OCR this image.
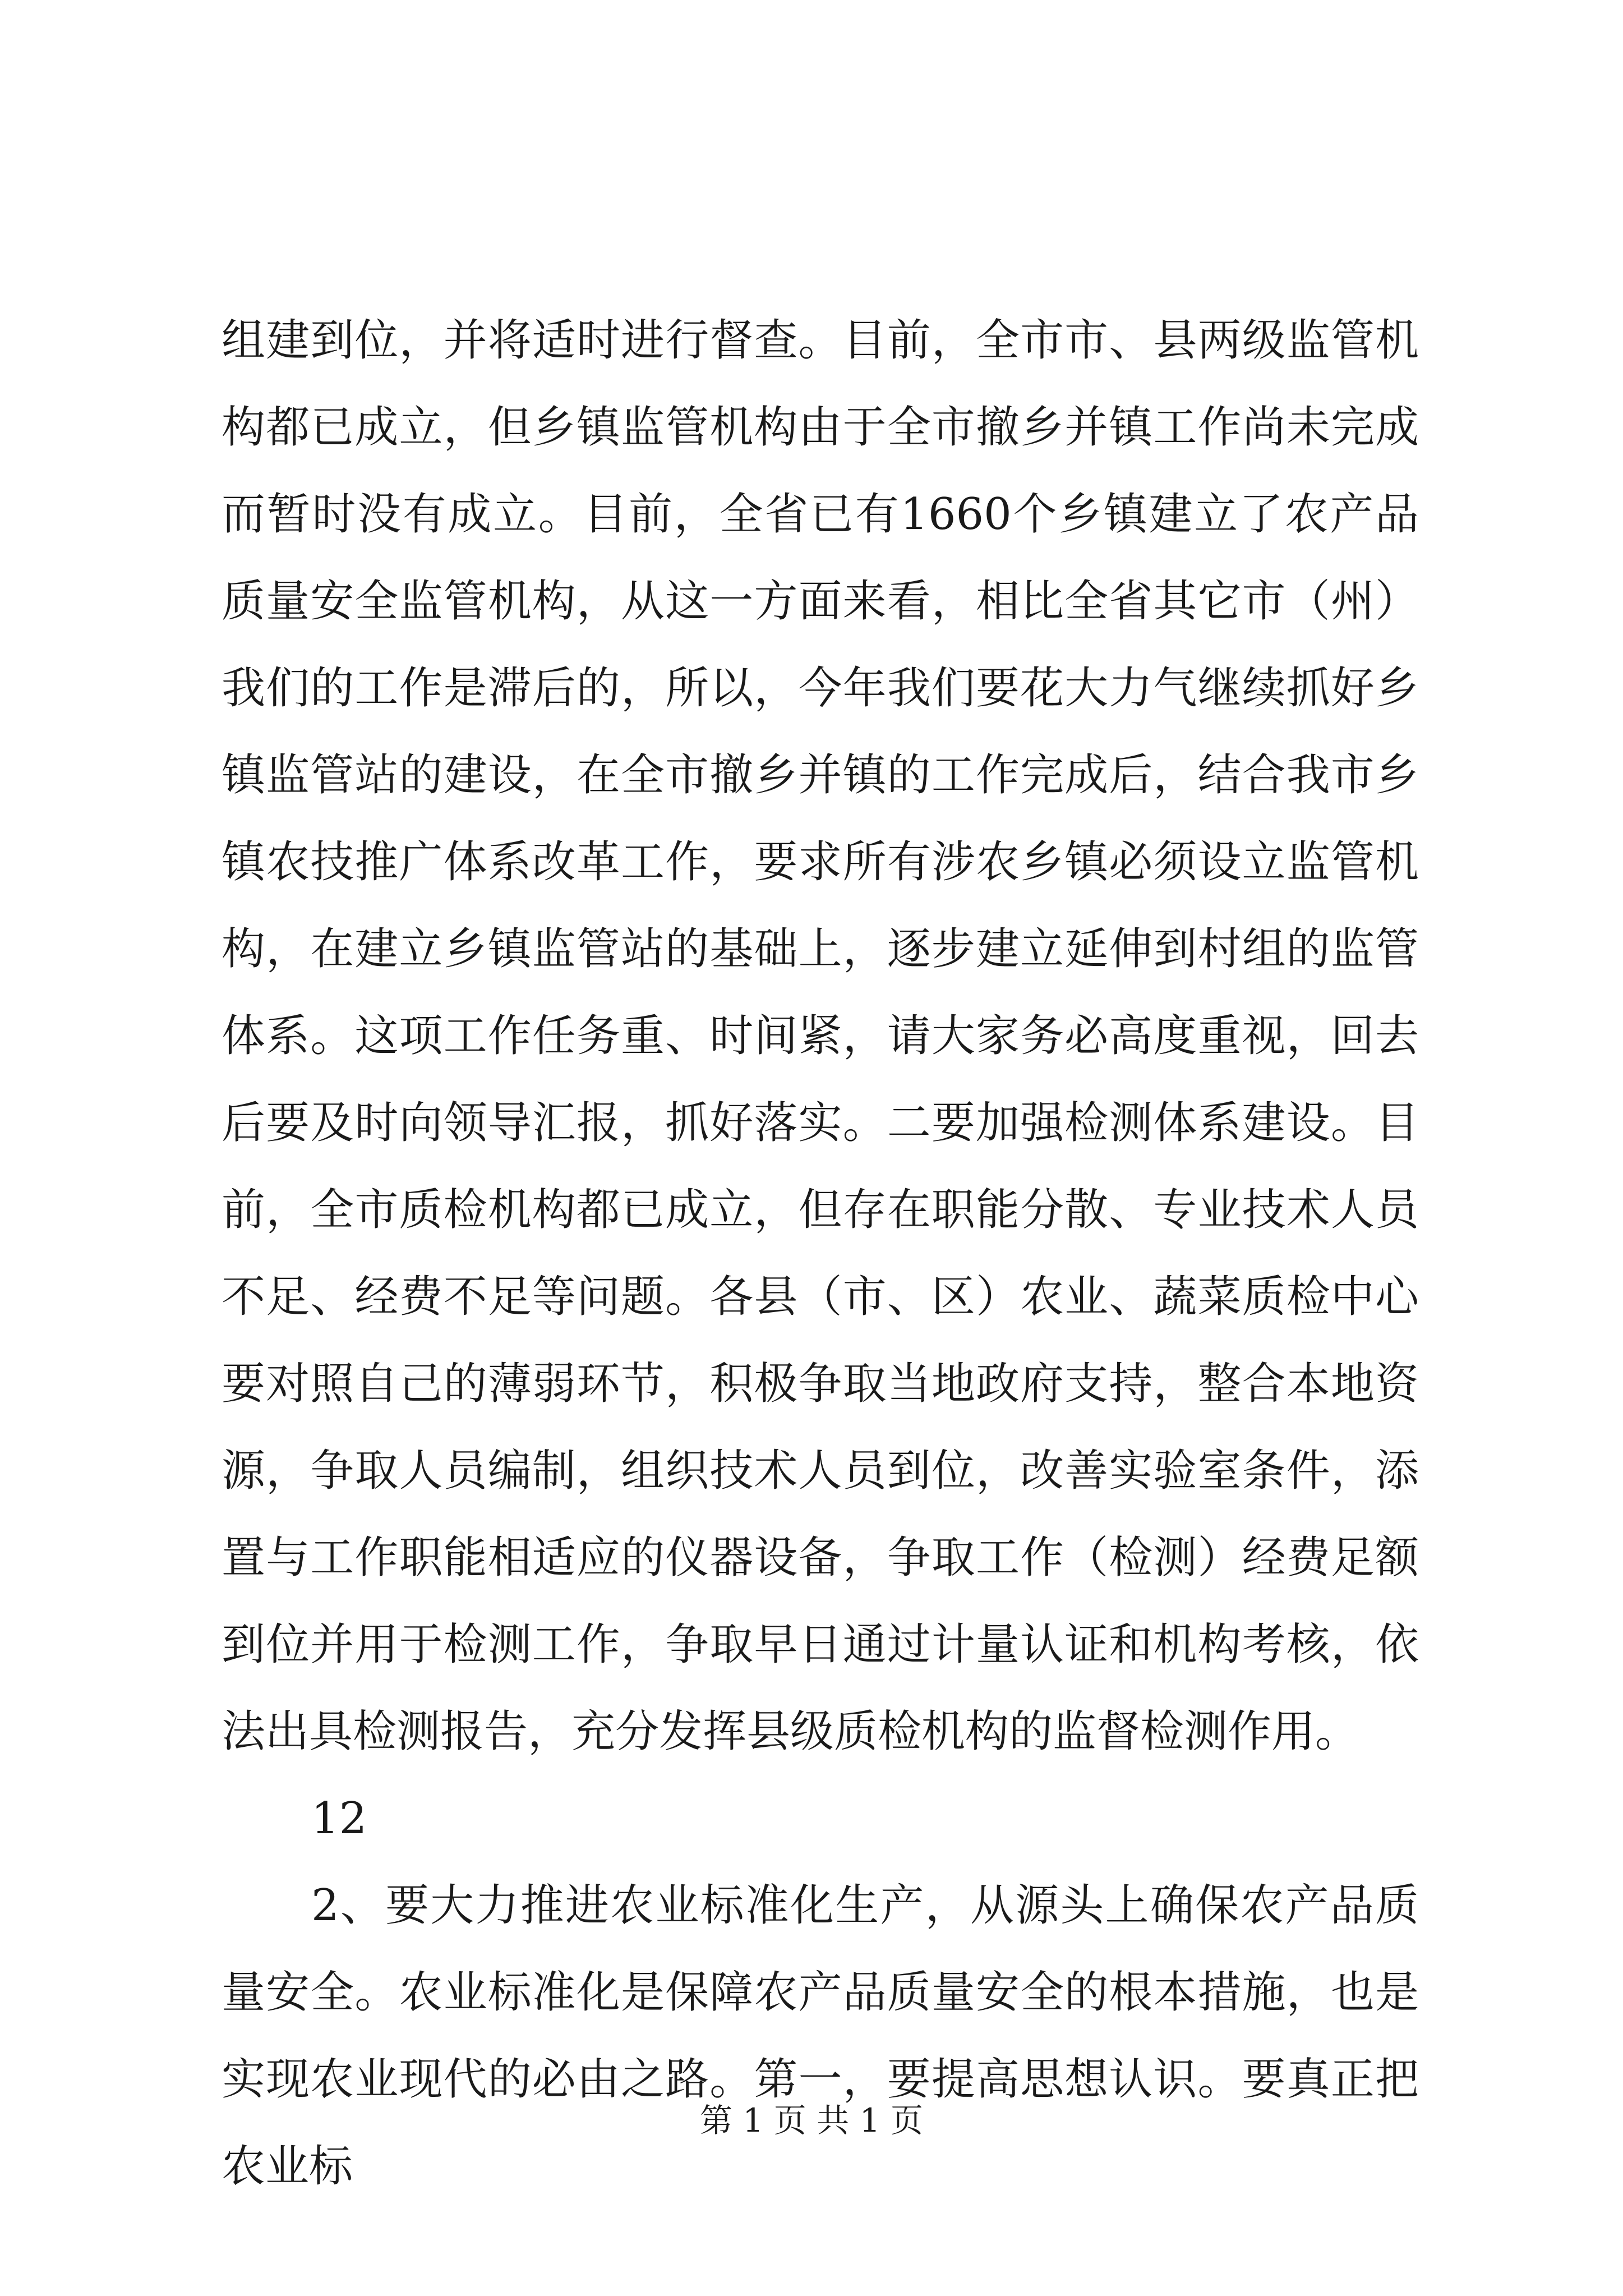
组建到位，并将适时进行督查。目前，全市市、县两级监管机构都已成立，但乡镇监管机构由于全市撤乡并镇工作尚未完成而暂时没有成立。目前，全省已有1660个乡镇建立了农产品质量安全监管机构，从这一方面来看，相比全省其它市（州）我们的工作是滞后的，所以，今年我们要花大力气继续抓好乡镇监管站的建设，在全市撤乡并镇的工作完成后，结合我市乡镇农技推广体系改革工作，要求所有涉农乡镇必须设立监管机构，在建立乡镇监管站的基础上，逐步建立延伸到村组的监管体系。这项工作任务重、时间紧，请大家务必高度重视，回去后要及时向领导汇报，抓好落实。二要加强检测体系建设。目前，全市质检机构都已成立，但存在职能分散、专业技术人员不足、经费不足等问题。各县（市、区）农业、蔬菜质检中心要对照自己的薄弱环节，积极争取当地政府支持，整合本地资源，争取人员编制，组织技术人员到位，改善实验室条件，添置与工作职能相适应的仪器设备，争取工作（检测）经费足额到位并用于检测工作，争取早日通过计量认证和机构考核，依法出具检测报告，充分发挥县级质检机构的监督检测作用。

12

2、要大力推进农业标准化生产，从源头上确保农产品质量安全。农业标准化是保障农产品质量安全的根本措施，也是实现农业现代的必由之路。第一，要提高思想认识。要真正把农业标

第 1 页 共 1 页
